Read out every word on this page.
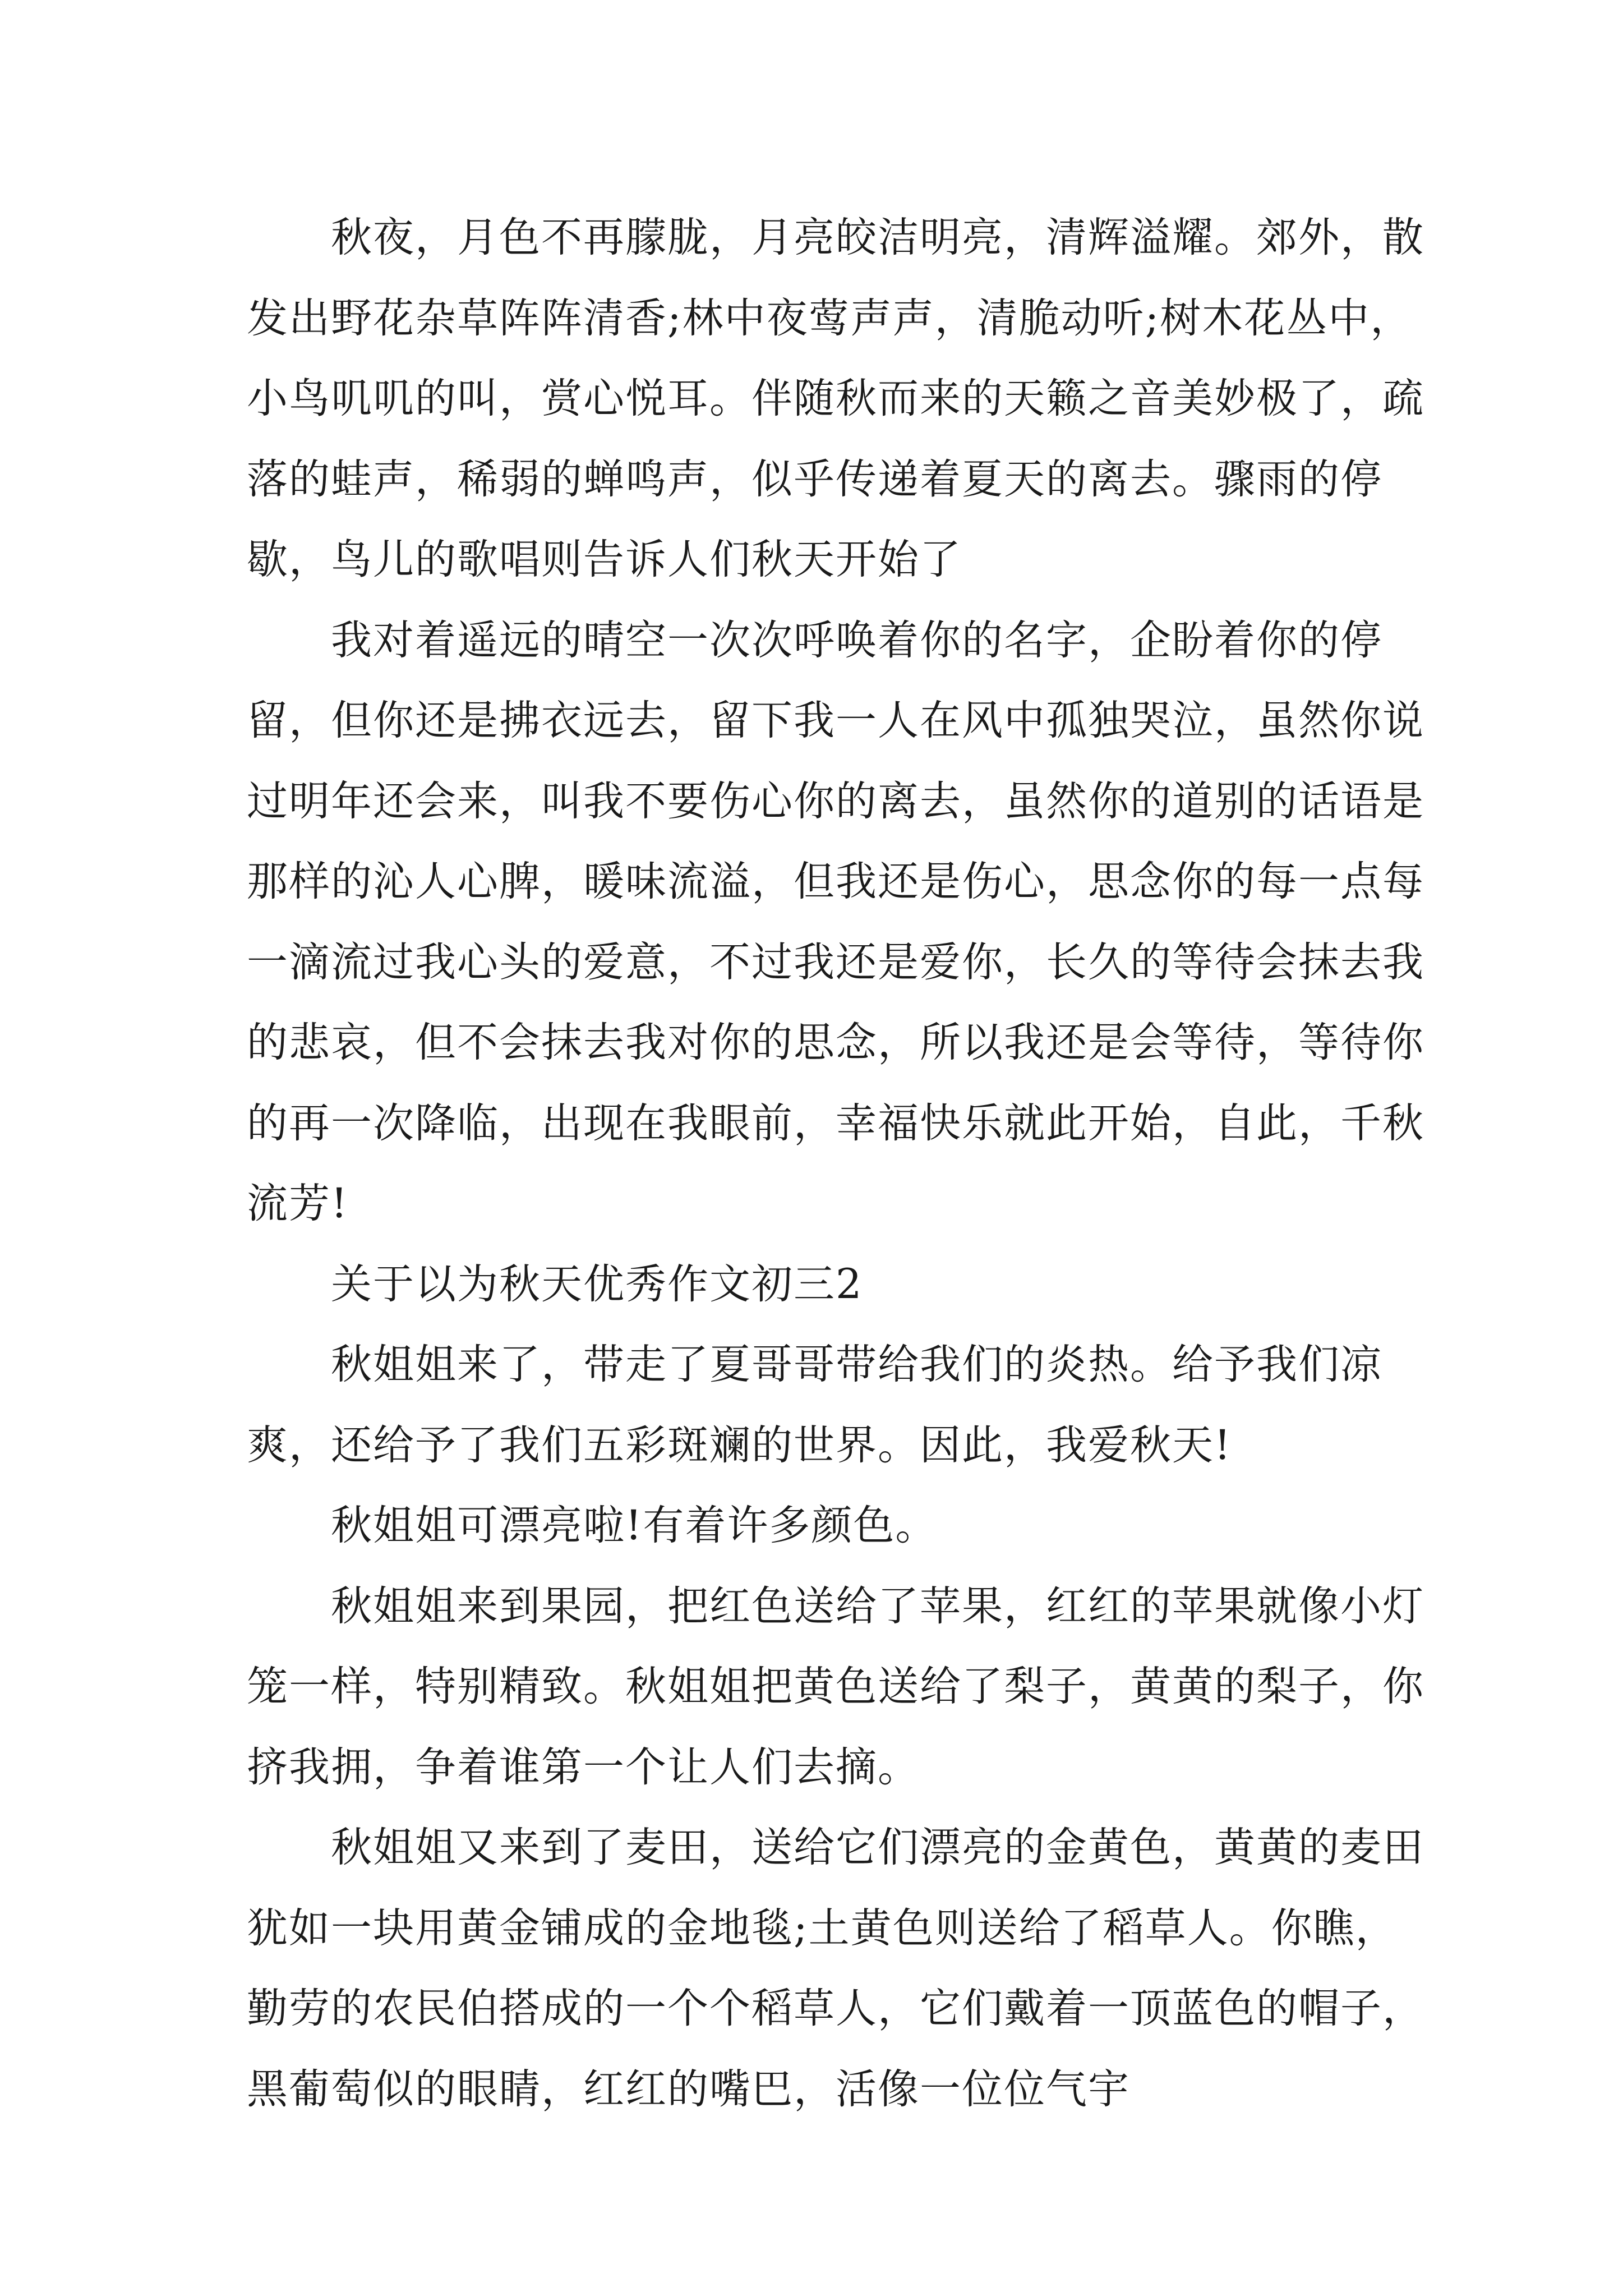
秋夜，月色不再朦胧，月亮皎洁明亮，清辉溢耀。郊外，散发出野花杂草阵阵清香;林中夜莺声声，清脆动听;树木花丛中，小鸟叽叽的叫，赏心悦耳。伴随秋而来的天籁之音美妙极了，疏落的蛙声，稀弱的蝉鸣声，似乎传递着夏天的离去。骤雨的停歇，鸟儿的歌唱则告诉人们秋天开始了

我对着遥远的晴空一次次呼唤着你的名字，企盼着你的停留，但你还是拂衣远去，留下我一人在风中孤独哭泣，虽然你说过明年还会来，叫我不要伤心你的离去，虽然你的道别的话语是那样的沁人心脾，暖味流溢，但我还是伤心，思念你的每一点每一滴流过我心头的爱意，不过我还是爱你，长久的等待会抹去我的悲哀，但不会抹去我对你的思念，所以我还是会等待，等待你的再一次降临，出现在我眼前，幸福快乐就此开始，自此，千秋流芳!

关于以为秋天优秀作文初三2

秋姐姐来了，带走了夏哥哥带给我们的炎热。给予我们凉爽，还给予了我们五彩斑斓的世界。因此，我爱秋天!

秋姐姐可漂亮啦!有着许多颜色。

秋姐姐来到果园，把红色送给了苹果，红红的苹果就像小灯笼一样，特别精致。秋姐姐把黄色送给了梨子，黄黄的梨子，你挤我拥，争着谁第一个让人们去摘。

秋姐姐又来到了麦田，送给它们漂亮的金黄色，黄黄的麦田犹如一块用黄金铺成的金地毯;土黄色则送给了稻草人。你瞧，勤劳的农民伯搭成的一个个稻草人，它们戴着一顶蓝色的帽子，黑葡萄似的眼睛，红红的嘴巴，活像一位位气宇
